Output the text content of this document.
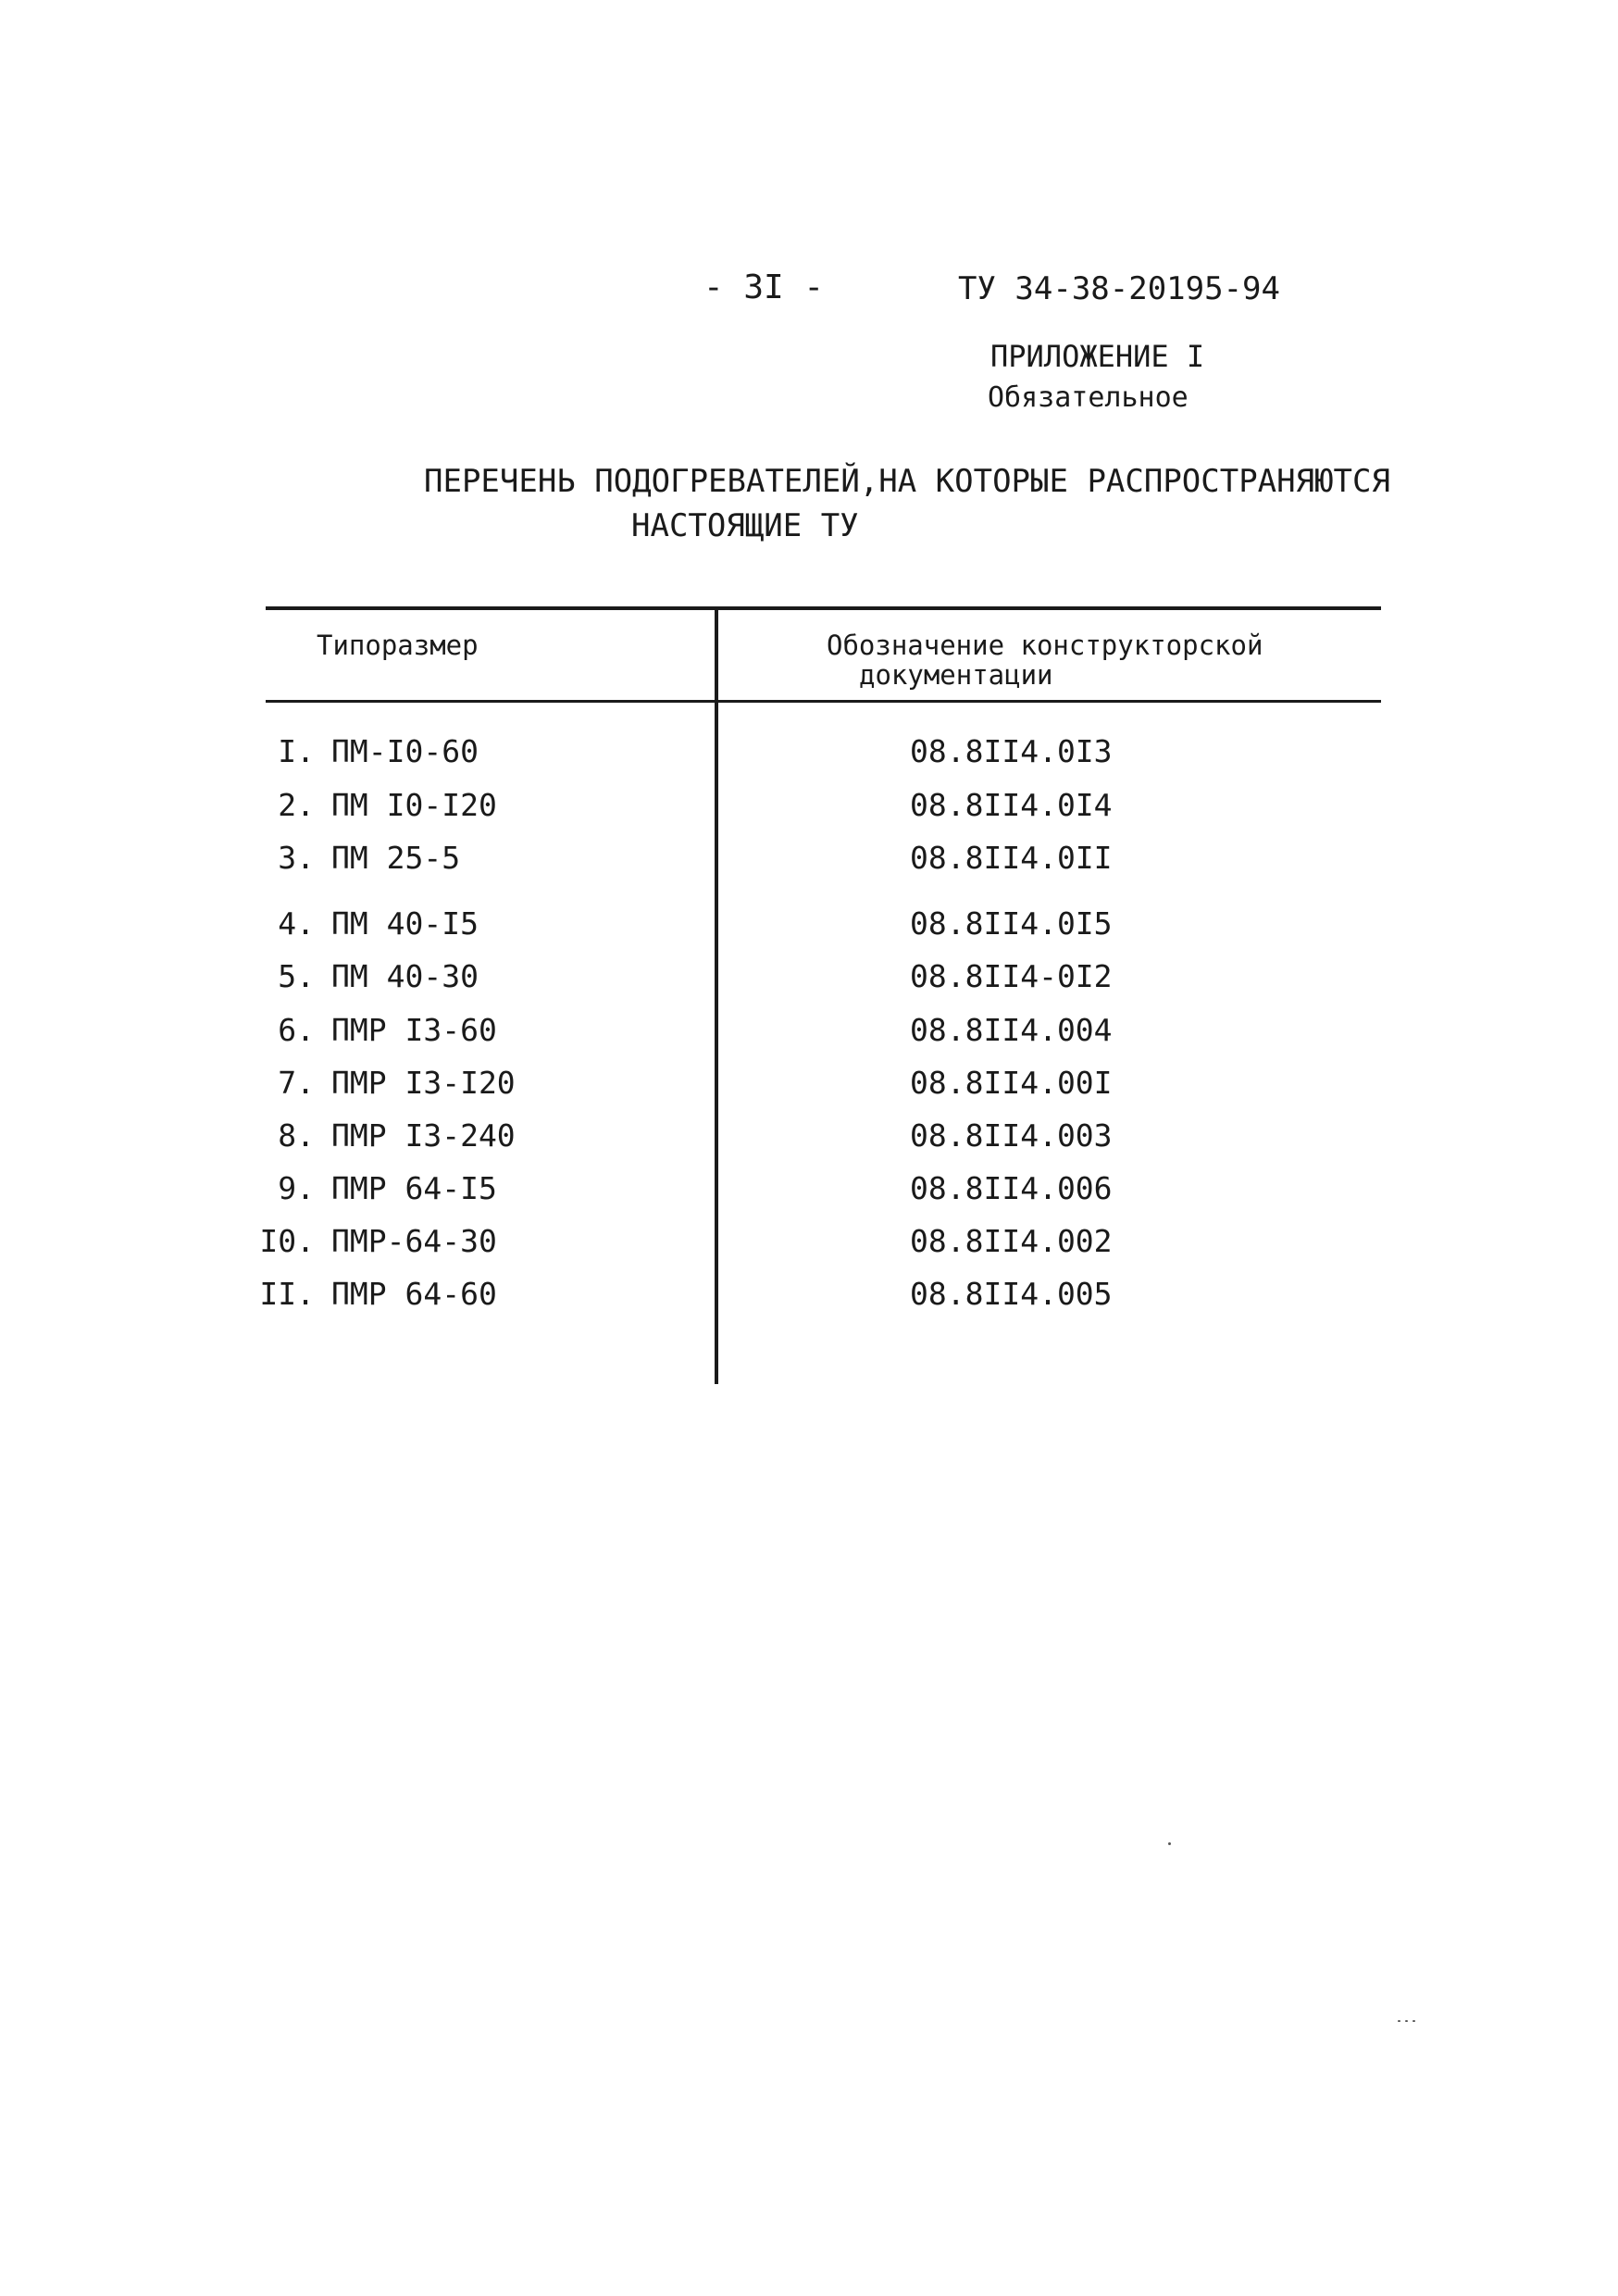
- 3I -	ТУ 34-38-20195-94
ПРИЛОЖЕНИЕ I
Обязательное
ПЕРЕЧЕНЬ ПОДОГРЕВАТЕЛЕЙ,НА КОТОРЫЕ РАСПРОСТРАНЯЮТСЯ
НАСТОЯЩИЕ ТУ
Типоразмер	Обозначение конструкторской
документации
I. ПМ-I0-60	08.8II4.0I3
2. ПМ I0-I20	08.8II4.0I4
3. ПМ 25-5	08.8II4.0II
4. ПМ 40-I5	08.8II4.0I5
5. ПМ 40-30	08.8II4-0I2
6. ПМР I3-60	08.8II4.004
7. ПМР I3-I20	08.8II4.00I
8. ПМР I3-240	08.8II4.003
9. ПМР 64-I5	08.8II4.006
I0. ПМР-64-30	08.8II4.002
II. ПМР 64-60	08.8II4.005
